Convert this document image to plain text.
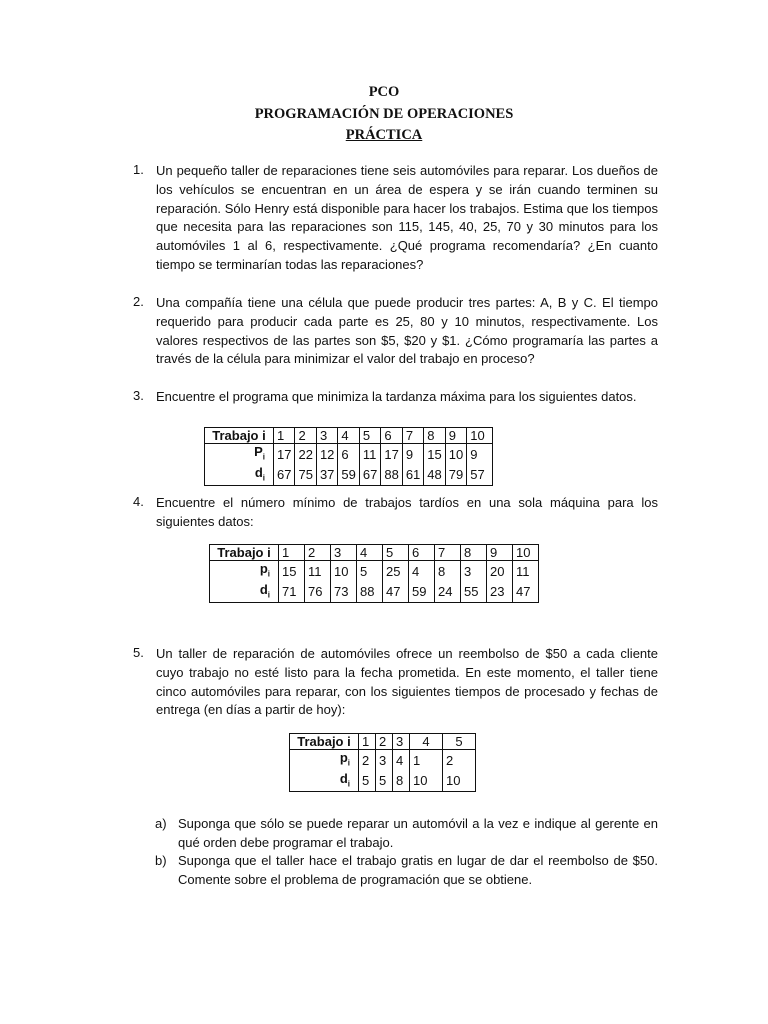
PCO
PROGRAMACIÓN DE OPERACIONES
PRÁCTICA
1. Un pequeño taller de reparaciones tiene seis automóviles para reparar. Los dueños de los vehículos se encuentran en un área de espera y se irán cuando terminen su reparación. Sólo Henry está disponible para hacer los trabajos. Estima que los tiempos que necesita para las reparaciones son 115, 145, 40, 25, 70 y 30 minutos para los automóviles 1 al 6, respectivamente. ¿Qué programa recomendaría? ¿En cuanto tiempo se terminarían todas las reparaciones?
2. Una compañía tiene una célula que puede producir tres partes: A, B y C. El tiempo requerido para producir cada parte es 25, 80 y 10 minutos, respectivamente. Los valores respectivos de las partes son $5, $20 y $1. ¿Cómo programaría las partes a través de la célula para minimizar el valor del trabajo en proceso?
3. Encuentre el programa que minimiza la tardanza máxima para los siguientes datos.
Trabajo i	1	2	3	4	5	6	7	8	9	10
$P_i$	17	22	12	6	11	17	9	15	10	9
$d_i$	67	75	37	59	67	88	61	48	79	57
4. Encuentre el número mínimo de trabajos tardíos en una sola máquina para los siguientes datos:
Trabajo i	1	2	3	4	5	6	7	8	9	10
$p_i$	15	11	10	5	25	4	8	3	20	11
$d_i$	71	76	73	88	47	59	24	55	23	47
5. Un taller de reparación de automóviles ofrece un reembolso de $50 a cada cliente cuyo trabajo no esté listo para la fecha prometida. En este momento, el taller tiene cinco automóviles para reparar, con los siguientes tiempos de procesado y fechas de entrega (en días a partir de hoy):
Trabajo i	1	2	3	4	5
$p_i$	2	3	4	1	2
$d_i$	5	5	8	10	10
a) Suponga que sólo se puede reparar un automóvil a la vez e indique al gerente en qué orden debe programar el trabajo.
b) Suponga que el taller hace el trabajo gratis en lugar de dar el reembolso de $50. Comente sobre el problema de programación que se obtiene.
